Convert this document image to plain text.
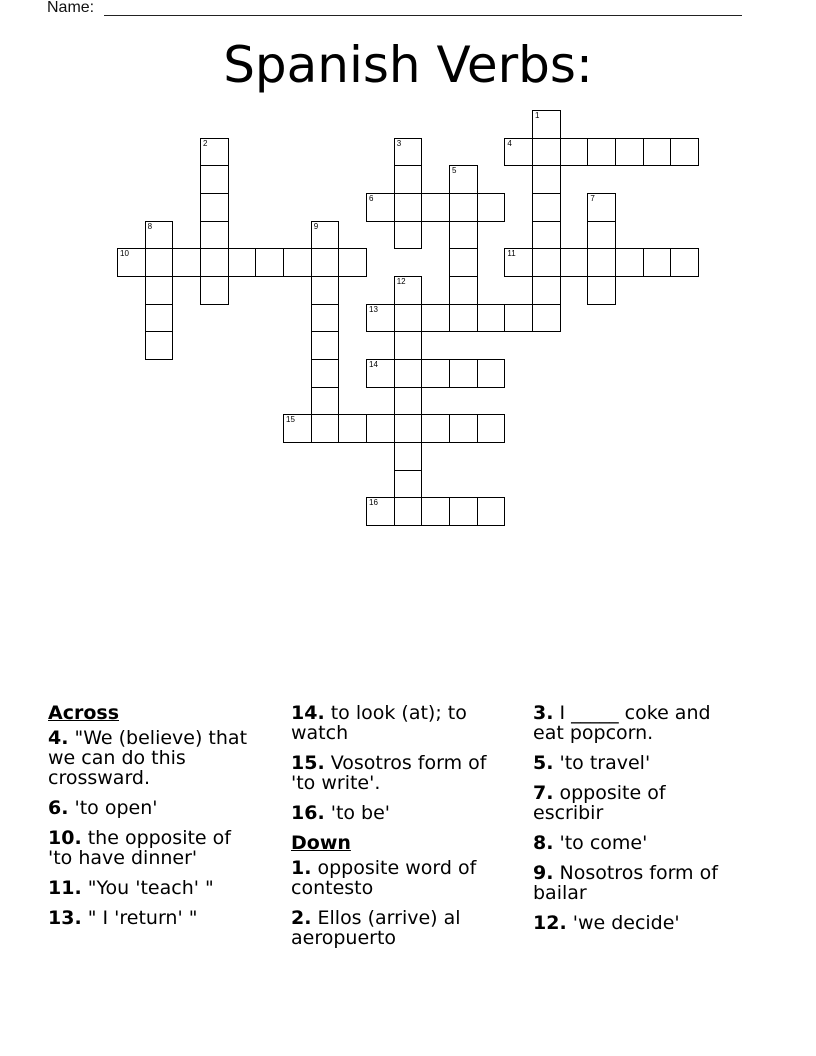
Name:
Spanish Verbs:
1
2	3	4
5
6	7
8	9
10	11
12
13
14
15
16
Across
4. "We (believe) that we can do this crossward.
6. 'to open'
10. the opposite of 'to have dinner'
11. "You 'teach' "
13. " I 'return' "
14. to look (at); to watch
15. Vosotros form of 'to write'.
16. 'to be'
Down
1. opposite word of contesto
2. Ellos (arrive) al aeropuerto
3. I _____ coke and eat popcorn.
5. 'to travel'
7. opposite of escribir
8. 'to come'
9. Nosotros form of bailar
12. 'we decide'
